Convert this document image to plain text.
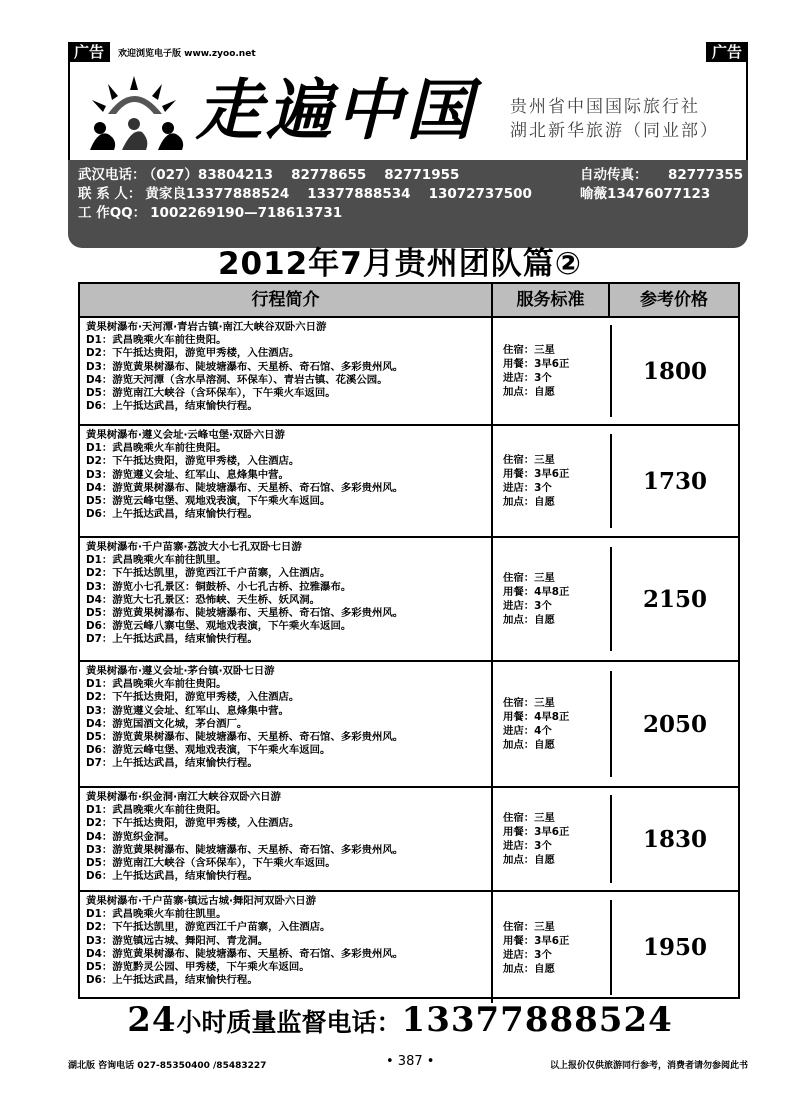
广告	欢迎浏览电子版 www.zyoo.net	广告
走遍中国 贵州省中国国际旅行社
湖北新华旅游（同业部）
武汉电话： （027）83804213 82778655 82771955	自动传真： 82777355
联 系 人： 黄家良13377888524 13377888534 13072737500	喻薇13476077123
工 作QQ： 1002269190—718613731
2012年7月贵州团队篇②
行程简介	服务标准	参考价格
黄果树瀑布·天河潭·青岩古镇·南江大峡谷双卧六日游
D1：武昌晚乘火车前往贵阳。
D2：下午抵达贵阳，游览甲秀楼，入住酒店。
D3：游览黄果树瀑布、陡坡塘瀑布、天星桥、奇石馆、多彩贵州风。
D4：游览天河潭（含水旱溶洞、环保车）、青岩古镇、花溪公园。
D5：游览南江大峡谷（含环保车），下午乘火车返回。
D6：上午抵达武昌，结束愉快行程。
住宿：三星
用餐：3早6正
进店：3个
加点：自愿
1800
黄果树瀑布·遵义会址·云峰屯堡·双卧六日游
D1：武昌晚乘火车前往贵阳。
D2：下午抵达贵阳，游览甲秀楼，入住酒店。
D3：游览遵义会址、红军山、息烽集中营。
D4：游览黄果树瀑布、陡坡塘瀑布、天星桥、奇石馆、多彩贵州风。
D5：游览云峰屯堡、观地戏表演，下午乘火车返回。
D6：上午抵达武昌，结束愉快行程。
住宿：三星
用餐：3早6正
进店：3个
加点：自愿
1730
黄果树瀑布·千户苗寨·荔波大小七孔双卧七日游
D1：武昌晚乘火车前往凯里。
D2：下午抵达凯里，游览西江千户苗寨，入住酒店。
D3：游览小七孔景区：铜鼓桥、小七孔古桥、拉雅瀑布。
D4：游览大七孔景区：恐怖峡、天生桥、妖风洞。
D5：游览黄果树瀑布、陡坡塘瀑布、天星桥、奇石馆、多彩贵州风。
D6：游览云峰八寨屯堡、观地戏表演，下午乘火车返回。
D7：上午抵达武昌，结束愉快行程。
住宿：三星
用餐：4早8正
进店：3个
加点：自愿
2150
黄果树瀑布·遵义会址·茅台镇·双卧七日游
D1：武昌晚乘火车前往贵阳。
D2：下午抵达贵阳，游览甲秀楼，入住酒店。
D3：游览遵义会址、红军山、息烽集中营。
D4：游览国酒文化城，茅台酒厂。
D5：游览黄果树瀑布、陡坡塘瀑布、天星桥、奇石馆、多彩贵州风。
D6：游览云峰屯堡、观地戏表演，下午乘火车返回。
D7：上午抵达武昌，结束愉快行程。
住宿：三星
用餐：4早8正
进店：4个
加点：自愿
2050
黄果树瀑布·织金洞·南江大峡谷双卧六日游
D1：武昌晚乘火车前往贵阳。
D2：下午抵达贵阳，游览甲秀楼，入住酒店。
D4：游览织金洞。
D3：游览黄果树瀑布、陡坡塘瀑布、天星桥、奇石馆、多彩贵州风。
D5：游览南江大峡谷（含环保车），下午乘火车返回。
D6：上午抵达武昌，结束愉快行程。
住宿：三星
用餐：3早6正
进店：3个
加点：自愿
1830
黄果树瀑布·千户苗寨·镇远古城·舞阳河双卧六日游
D1：武昌晚乘火车前往凯里。
D2：下午抵达凯里，游览西江千户苗寨，入住酒店。
D3：游览镇远古城、舞阳河、青龙洞。
D4：游览黄果树瀑布、陡坡塘瀑布、天星桥、奇石馆、多彩贵州风。
D5：游览黔灵公园、甲秀楼，下午乘火车返回。
D6：上午抵达武昌，结束愉快行程。
住宿：三星
用餐：3早6正
进店：3个
加点：自愿
1950
24小时质量监督电话：13377888524
湖北版 咨询电话 027-85350400 /85483227	• 387 •	以上报价仅供旅游同行参考，消费者请勿参阅此书
